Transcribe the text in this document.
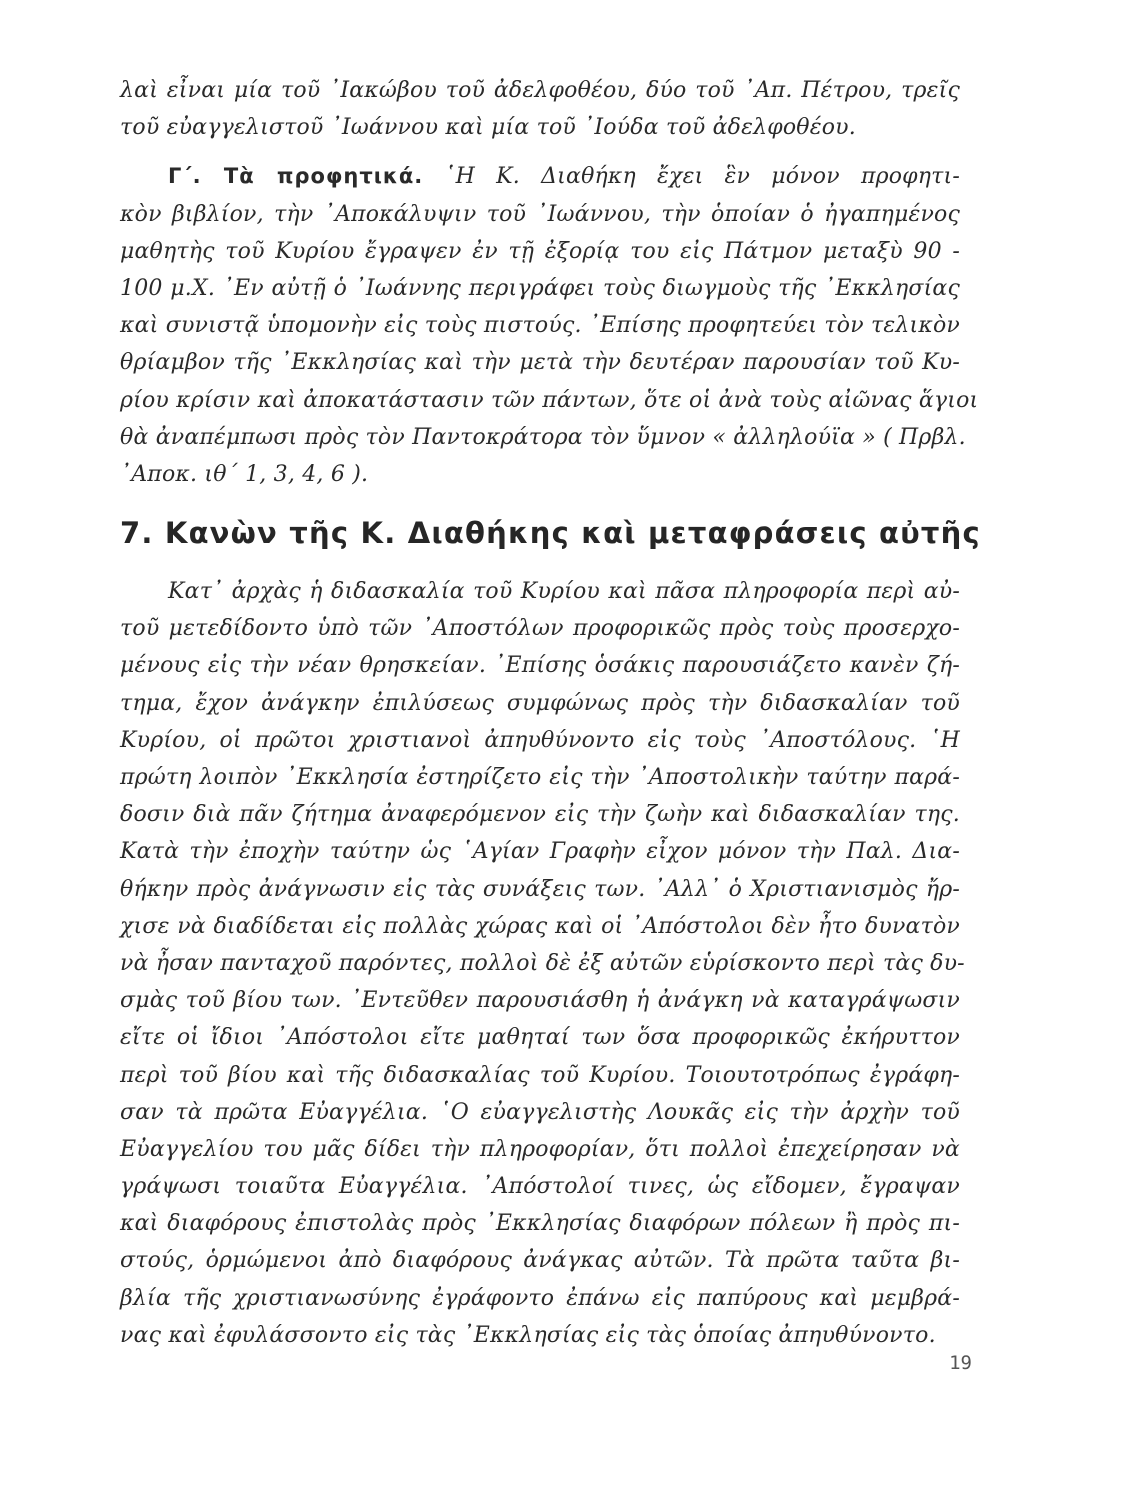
λαὶ εἶναι μία τοῦ ᾿Ιακώβου τοῦ ἀδελφοθέου, δύο τοῦ ᾿Απ. Πέτρου, τρεῖς
τοῦ εὐαγγελιστοῦ ᾿Ιωάννου καὶ μία τοῦ ᾿Ιούδα τοῦ ἀδελφοθέου.
Γ΄. Τὰ προφητικά. ῾Η Κ. Διαθήκη ἔχει ἓν μόνον προφητι-
κὸν βιβλίον, τὴν ᾿Αποκάλυψιν τοῦ ᾿Ιωάννου, τὴν ὁποίαν ὁ ἠγαπημένος
μαθητὴς τοῦ Κυρίου ἔγραψεν ἐν τῇ ἐξορίᾳ του εἰς Πάτμον μεταξὺ 90 -
100 μ.Χ. ᾿Εν αὐτῇ ὁ ᾿Ιωάννης περιγράφει τοὺς διωγμοὺς τῆς ᾿Εκκλησίας
καὶ συνιστᾷ ὑπομονὴν εἰς τοὺς πιστούς. ᾿Επίσης προφητεύει τὸν τελικὸν
θρίαμβον τῆς ᾿Εκκλησίας καὶ τὴν μετὰ τὴν δευτέραν παρουσίαν τοῦ Κυ-
ρίου κρίσιν καὶ ἀποκατάστασιν τῶν πάντων, ὅτε οἱ ἀνὰ τοὺς αἰῶνας ἅγιοι
θὰ ἀναπέμπωσι πρὸς τὸν Παντοκράτορα τὸν ὕμνον « ἀλληλούϊα » ( Πρβλ.
᾿Αποκ. ιθ΄ 1, 3, 4, 6 ).
7. Κανὼν τῆς Κ. Διαθήκης καὶ μεταφράσεις αὐτῆς
Κατ᾿ ἀρχὰς ἡ διδασκαλία τοῦ Κυρίου καὶ πᾶσα πληροφορία περὶ αὐ-
τοῦ μετεδίδοντο ὑπὸ τῶν ᾿Αποστόλων προφορικῶς πρὸς τοὺς προσερχο-
μένους εἰς τὴν νέαν θρησκείαν. ᾿Επίσης ὁσάκις παρουσιάζετο κανὲν ζή-
τημα, ἔχον ἀνάγκην ἐπιλύσεως συμφώνως πρὸς τὴν διδασκαλίαν τοῦ
Κυρίου, οἱ πρῶτοι χριστιανοὶ ἀπηυθύνοντο εἰς τοὺς ᾿Αποστόλους. ῾Η
πρώτη λοιπὸν ᾿Εκκλησία ἐστηρίζετο εἰς τὴν ᾿Αποστολικὴν ταύτην παρά-
δοσιν διὰ πᾶν ζήτημα ἀναφερόμενον εἰς τὴν ζωὴν καὶ διδασκαλίαν της.
Κατὰ τὴν ἐποχὴν ταύτην ὡς ῾Αγίαν Γραφὴν εἶχον μόνον τὴν Παλ. Δια-
θήκην πρὸς ἀνάγνωσιν εἰς τὰς συνάξεις των. ᾿Αλλ᾿ ὁ Χριστιανισμὸς ἤρ-
χισε νὰ διαδίδεται εἰς πολλὰς χώρας καὶ οἱ ᾿Απόστολοι δὲν ἦτο δυνατὸν
νὰ ἦσαν πανταχοῦ παρόντες, πολλοὶ δὲ ἐξ αὐτῶν εὑρίσκοντο περὶ τὰς δυ-
σμὰς τοῦ βίου των. ᾿Εντεῦθεν παρουσιάσθη ἡ ἀνάγκη νὰ καταγράψωσιν
εἴτε οἱ ἴδιοι ᾿Απόστολοι εἴτε μαθηταί των ὅσα προφορικῶς ἐκήρυττον
περὶ τοῦ βίου καὶ τῆς διδασκαλίας τοῦ Κυρίου. Τοιουτοτρόπως ἐγράφη-
σαν τὰ πρῶτα Εὐαγγέλια. ῾Ο εὐαγγελιστὴς Λουκᾶς εἰς τὴν ἀρχὴν τοῦ
Εὐαγγελίου του μᾶς δίδει τὴν πληροφορίαν, ὅτι πολλοὶ ἐπεχείρησαν νὰ
γράψωσι τοιαῦτα Εὐαγγέλια. ᾿Απόστολοί τινες, ὡς εἴδομεν, ἔγραψαν
καὶ διαφόρους ἐπιστολὰς πρὸς ᾿Εκκλησίας διαφόρων πόλεων ἢ πρὸς πι-
στούς, ὁρμώμενοι ἀπὸ διαφόρους ἀνάγκας αὐτῶν. Τὰ πρῶτα ταῦτα βι-
βλία τῆς χριστιανωσύνης ἐγράφοντο ἐπάνω εἰς παπύρους καὶ μεμβρά-
νας καὶ ἐφυλάσσοντο εἰς τὰς ᾿Εκκλησίας εἰς τὰς ὁποίας ἀπηυθύνοντο.
19
